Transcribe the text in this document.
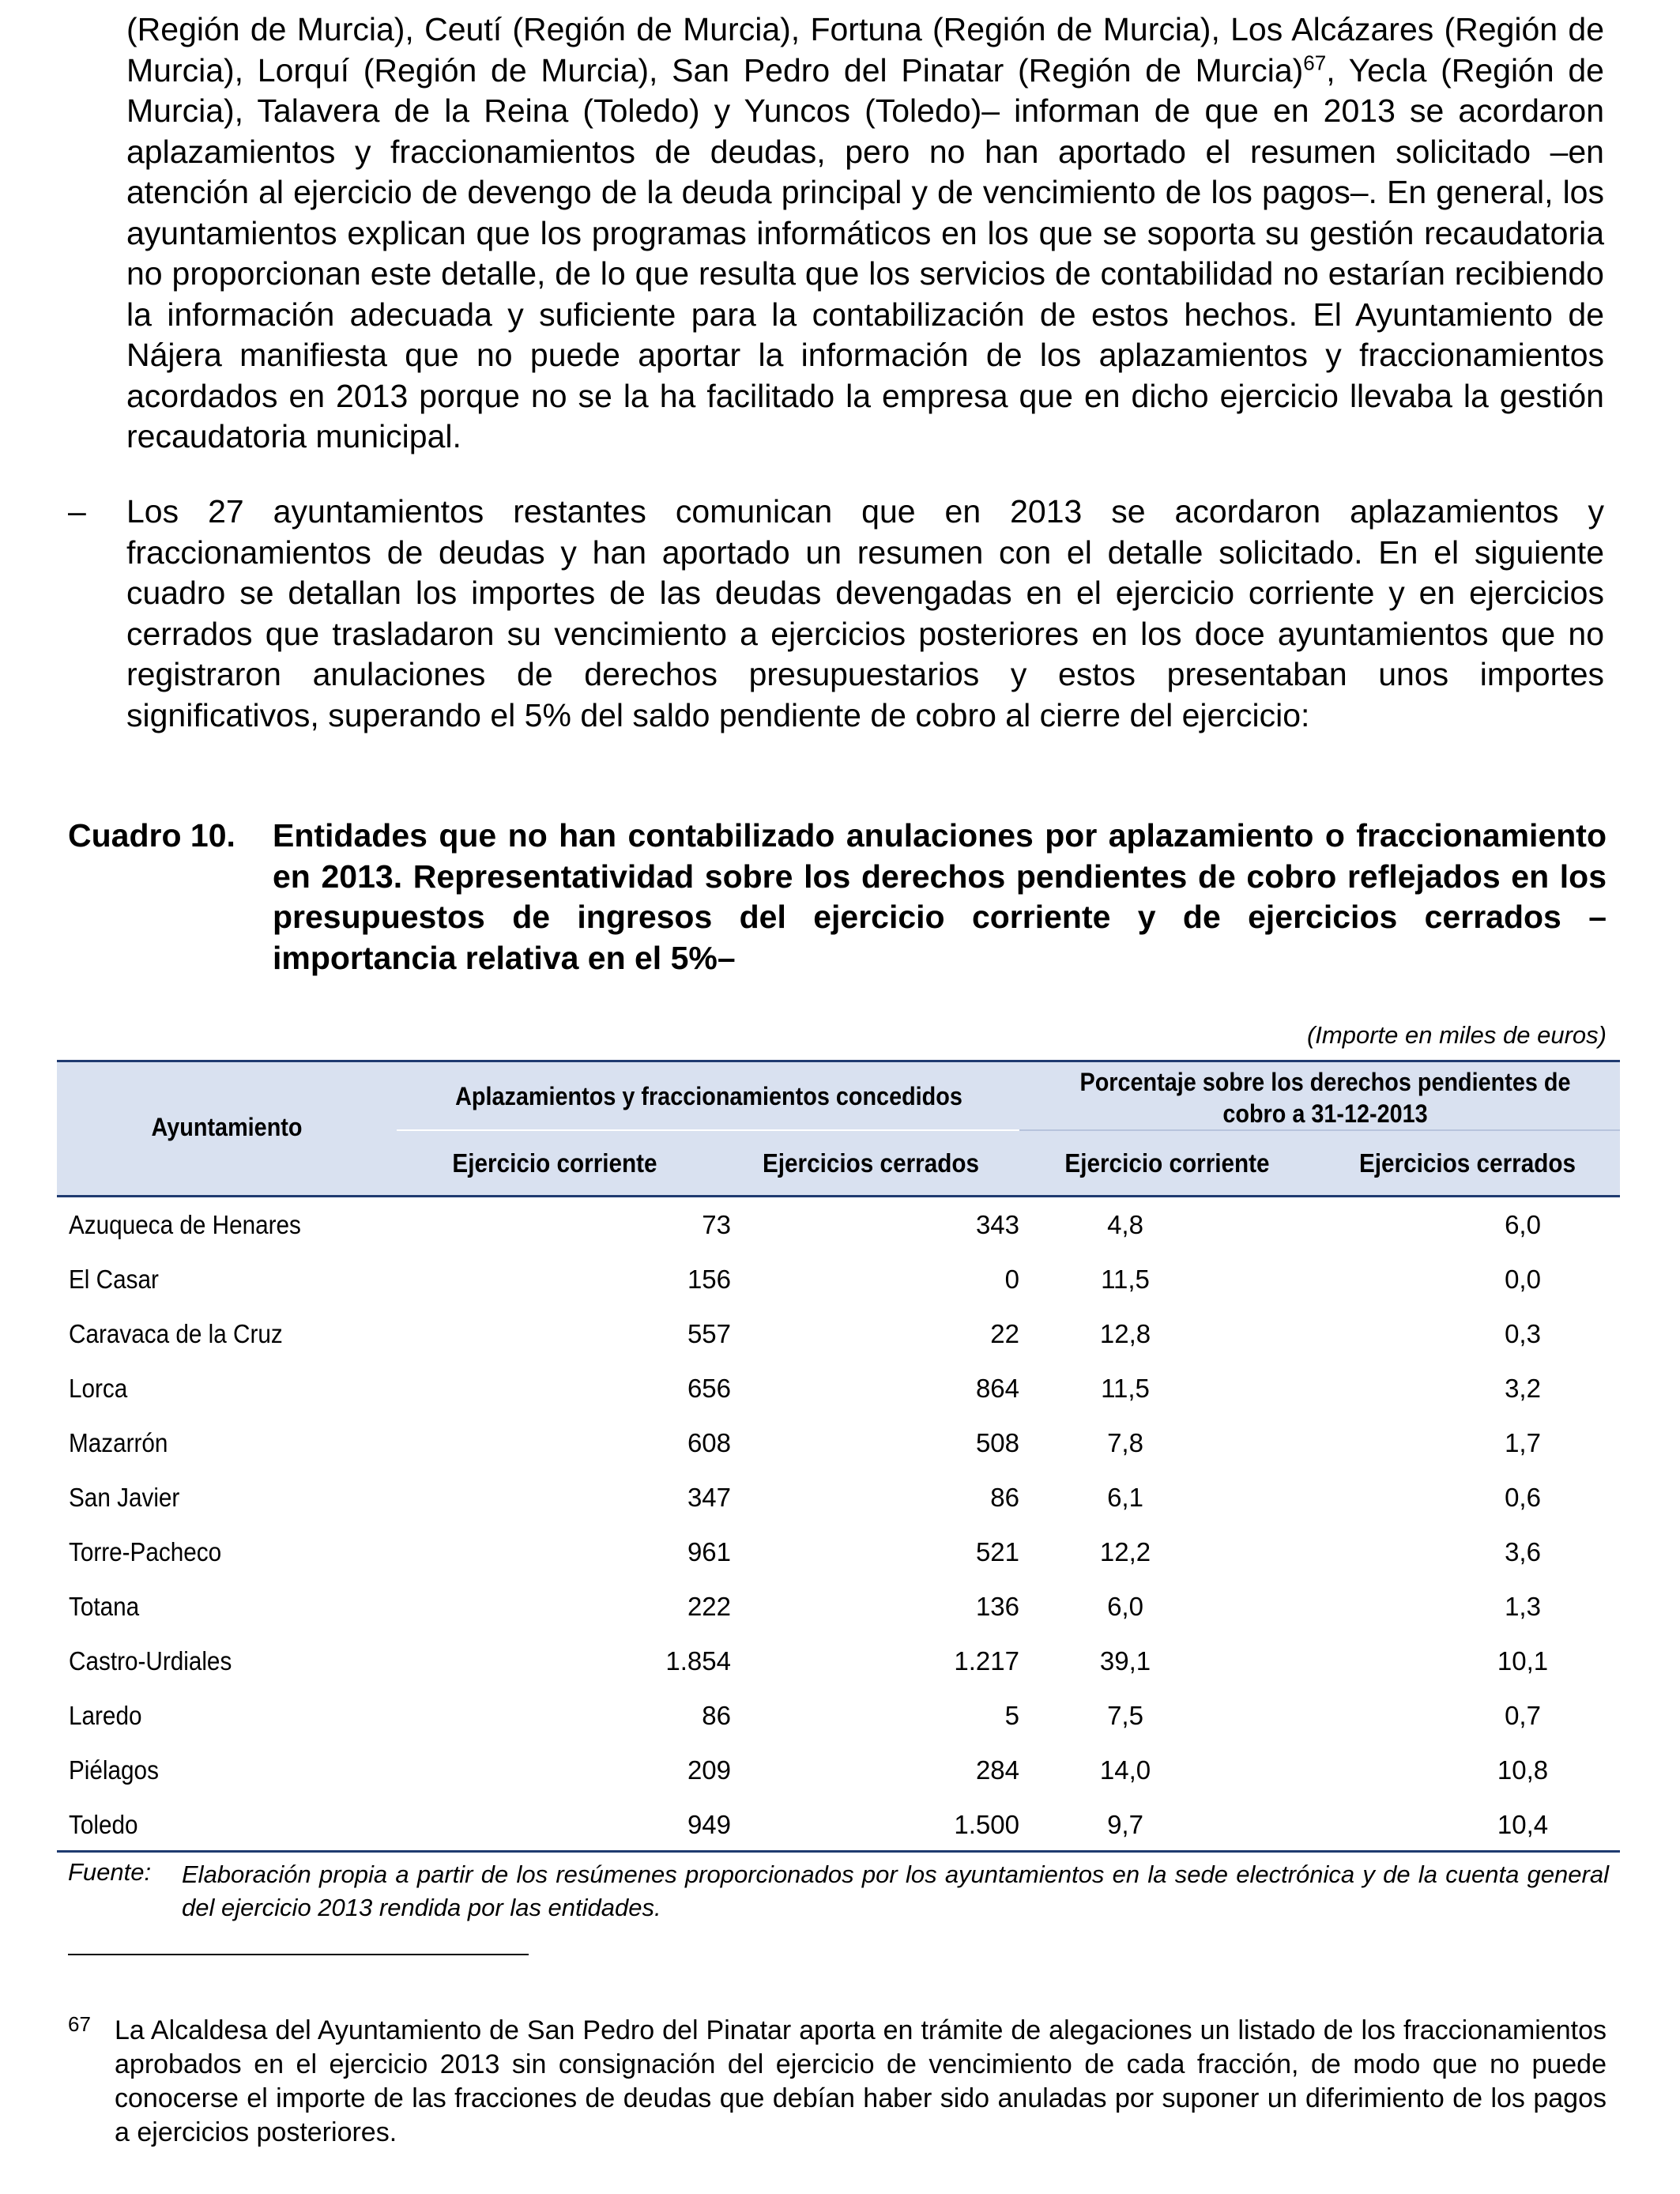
(Región de Murcia), Ceutí (Región de Murcia), Fortuna (Región de Murcia), Los Alcázares (Región de Murcia), Lorquí (Región de Murcia), San Pedro del Pinatar (Región de Murcia)$^{67}$, Yecla (Región de Murcia), Talavera de la Reina (Toledo) y Yuncos (Toledo)– informan de que en 2013 se acordaron aplazamientos y fraccionamientos de deudas, pero no han aportado el resumen solicitado –en atención al ejercicio de devengo de la deuda principal y de vencimiento de los pagos–. En general, los ayuntamientos explican que los programas informáticos en los que se soporta su gestión recaudatoria no proporcionan este detalle, de lo que resulta que los servicios de contabilidad no estarían recibiendo la información adecuada y suficiente para la contabilización de estos hechos. El Ayuntamiento de Nájera manifiesta que no puede aportar la información de los aplazamientos y fraccionamientos acordados en 2013 porque no se la ha facilitado la empresa que en dicho ejercicio llevaba la gestión recaudatoria municipal.
– Los 27 ayuntamientos restantes comunican que en 2013 se acordaron aplazamientos y fraccionamientos de deudas y han aportado un resumen con el detalle solicitado. En el siguiente cuadro se detallan los importes de las deudas devengadas en el ejercicio corriente y en ejercicios cerrados que trasladaron su vencimiento a ejercicios posteriores en los doce ayuntamientos que no registraron anulaciones de derechos presupuestarios y estos presentaban unos importes significativos, superando el 5% del saldo pendiente de cobro al cierre del ejercicio:
Cuadro 10. Entidades que no han contabilizado anulaciones por aplazamiento o fraccionamiento en 2013. Representatividad sobre los derechos pendientes de cobro reflejados en los presupuestos de ingresos del ejercicio corriente y de ejercicios cerrados –importancia relativa en el 5%–
(Importe en miles de euros)
Ayuntamiento
Aplazamientos y fraccionamientos concedidos	Porcentaje sobre los derechos pendientes de cobro a 31-12-2013
Ejercicio corriente	Ejercicios cerrados	Ejercicio corriente	Ejercicios cerrados
Azuqueca de Henares	73	343	4,8	6,0
El Casar	156	0	11,5	0,0
Caravaca de la Cruz	557	22	12,8	0,3
Lorca	656	864	11,5	3,2
Mazarrón	608	508	7,8	1,7
San Javier	347	86	6,1	0,6
Torre-Pacheco	961	521	12,2	3,6
Totana	222	136	6,0	1,3
Castro-Urdiales	1.854	1.217	39,1	10,1
Laredo	86	5	7,5	0,7
Piélagos	209	284	14,0	10,8
Toledo	949	1.500	9,7	10,4
Fuente: Elaboración propia a partir de los resúmenes proporcionados por los ayuntamientos en la sede electrónica y de la cuenta general del ejercicio 2013 rendida por las entidades.
67 La Alcaldesa del Ayuntamiento de San Pedro del Pinatar aporta en trámite de alegaciones un listado de los fraccionamientos aprobados en el ejercicio 2013 sin consignación del ejercicio de vencimiento de cada fracción, de modo que no puede conocerse el importe de las fracciones de deudas que debían haber sido anuladas por suponer un diferimiento de los pagos a ejercicios posteriores.
